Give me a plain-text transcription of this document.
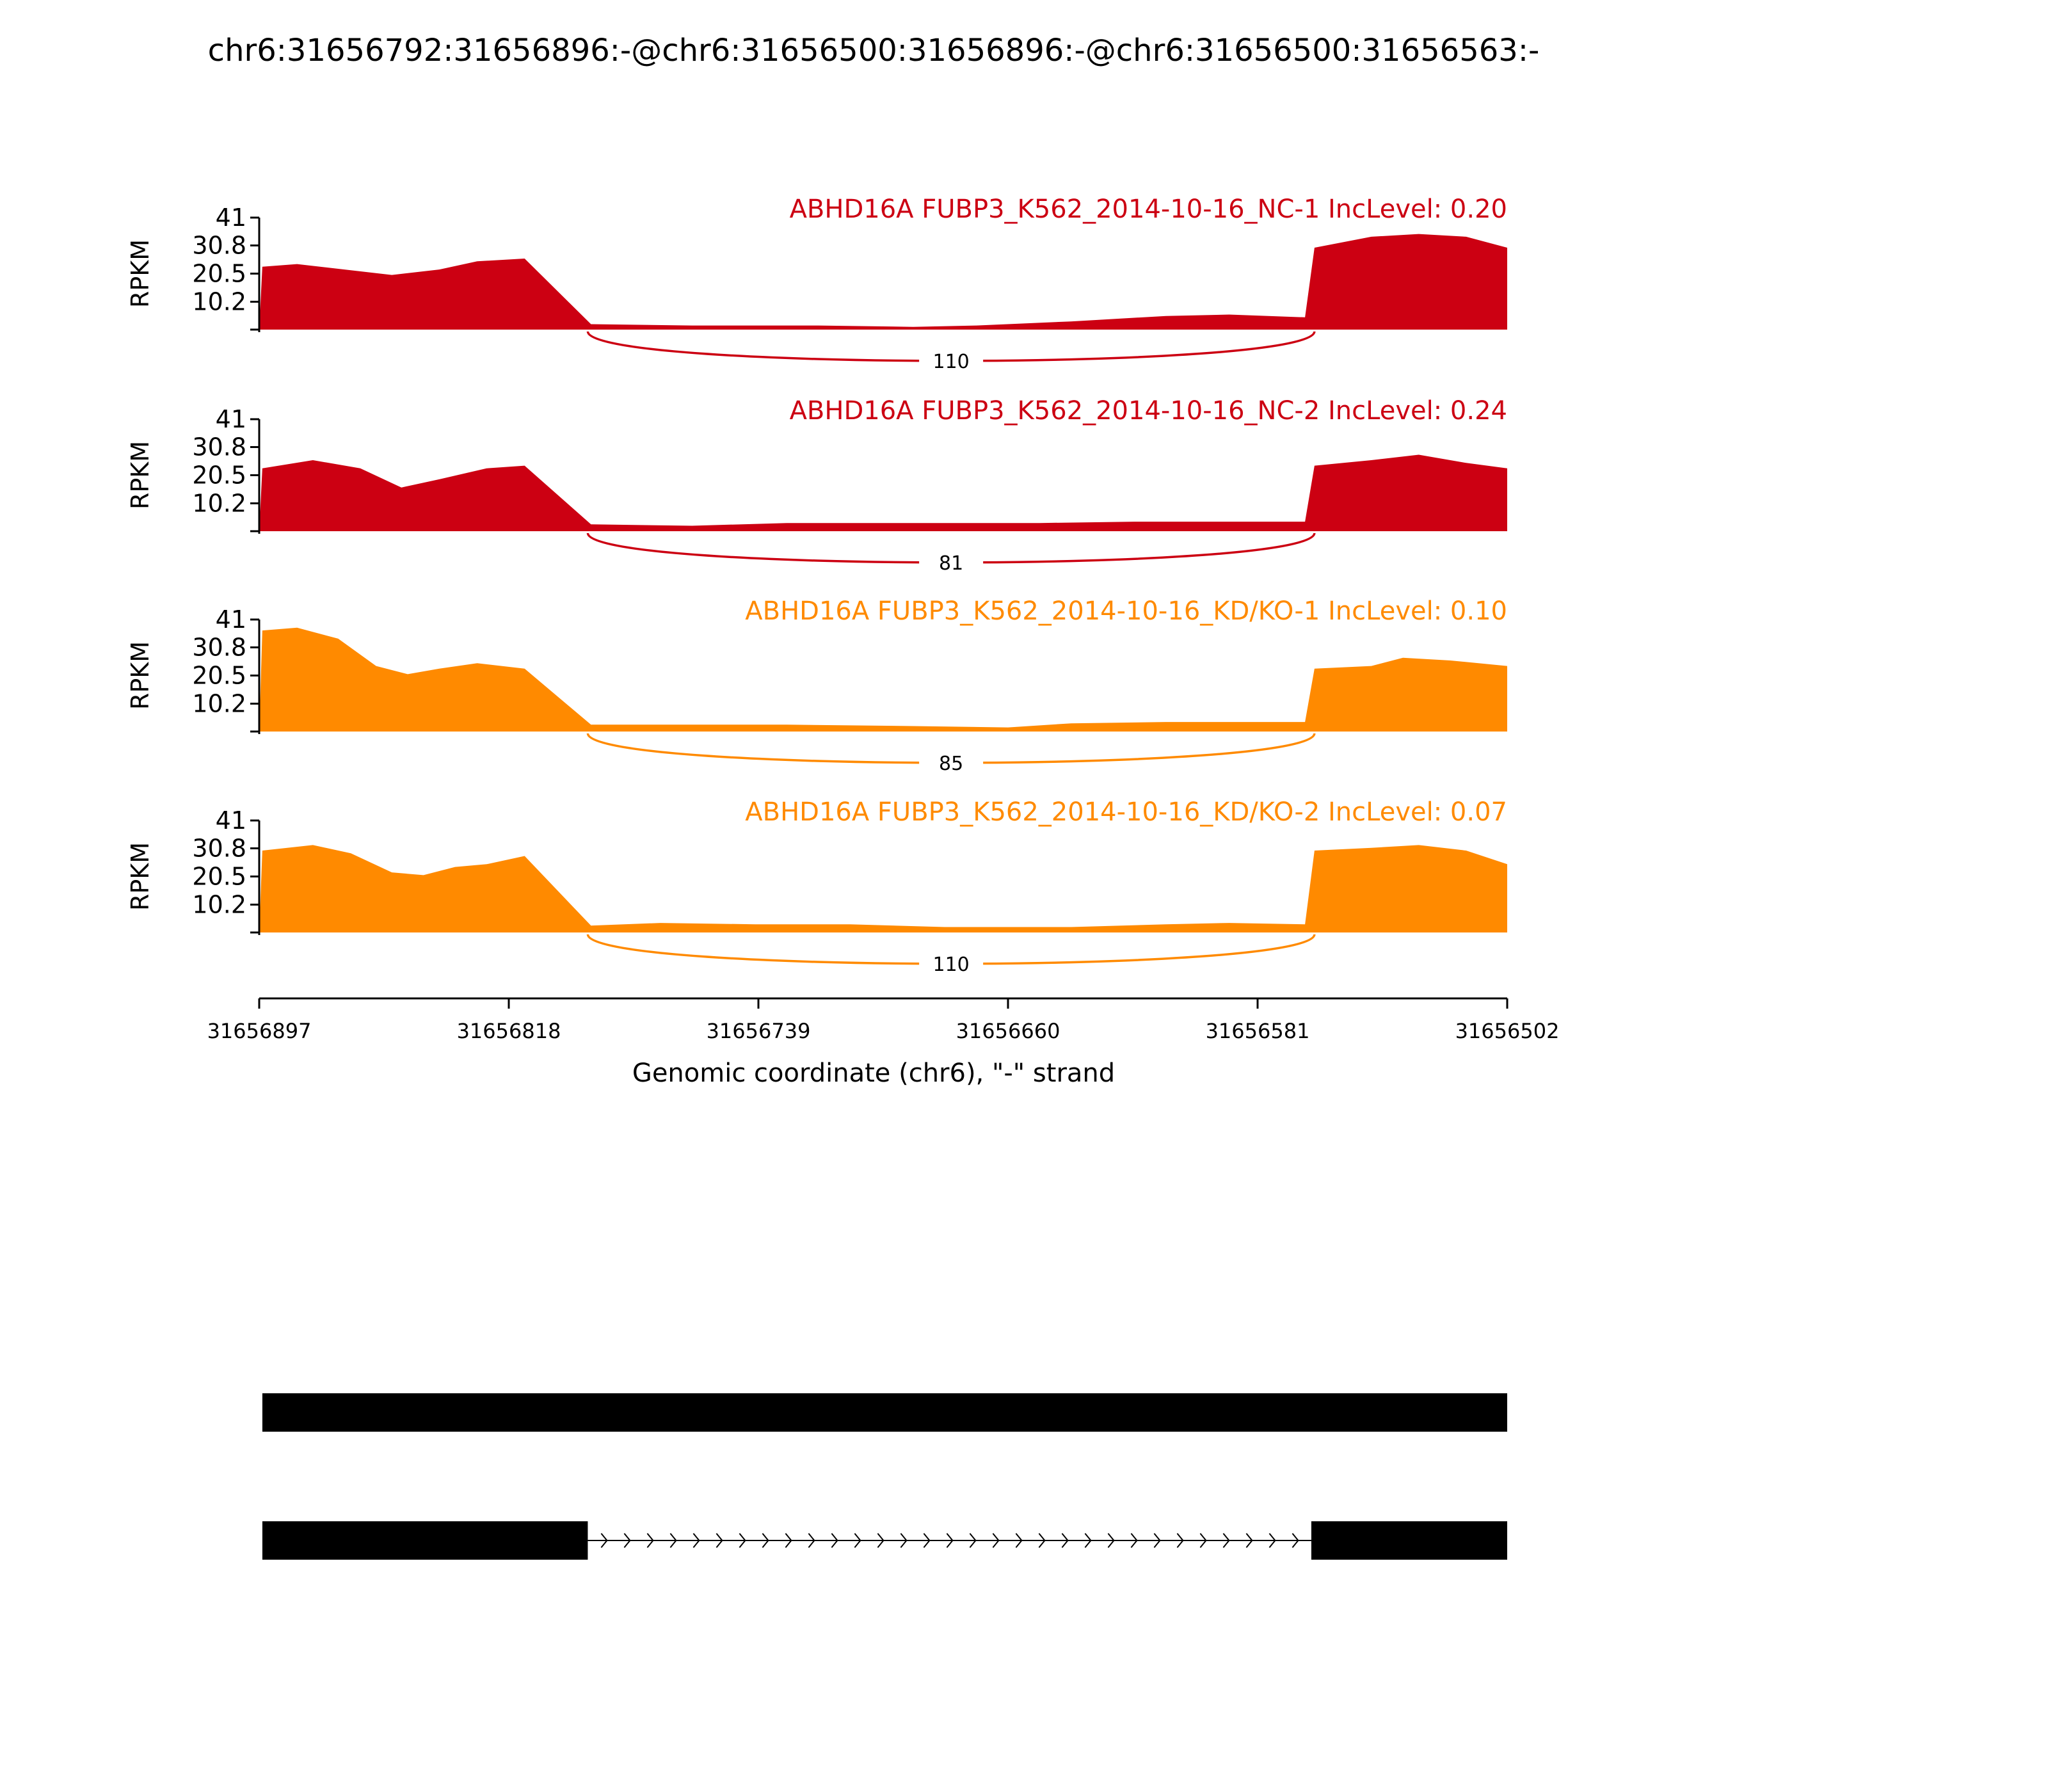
chr6:31656792:31656896:-@chr6:31656500:31656896:-@chr6:31656500:31656563:-
10.2
20.5
30.8
41
RPKM
ABHD16A FUBP3_K562_2014-10-16_NC-1 IncLevel: 0.20
110
10.2
20.5
30.8
41
RPKM
ABHD16A FUBP3_K562_2014-10-16_NC-2 IncLevel: 0.24
81
10.2
20.5
30.8
41
RPKM
ABHD16A FUBP3_K562_2014-10-16_KD/KO-1 IncLevel: 0.10
85
10.2
20.5
30.8
41
RPKM
ABHD16A FUBP3_K562_2014-10-16_KD/KO-2 IncLevel: 0.07
110
31656897	31656818	31656739	31656660	31656581	31656502
Genomic coordinate (chr6), "-" strand
